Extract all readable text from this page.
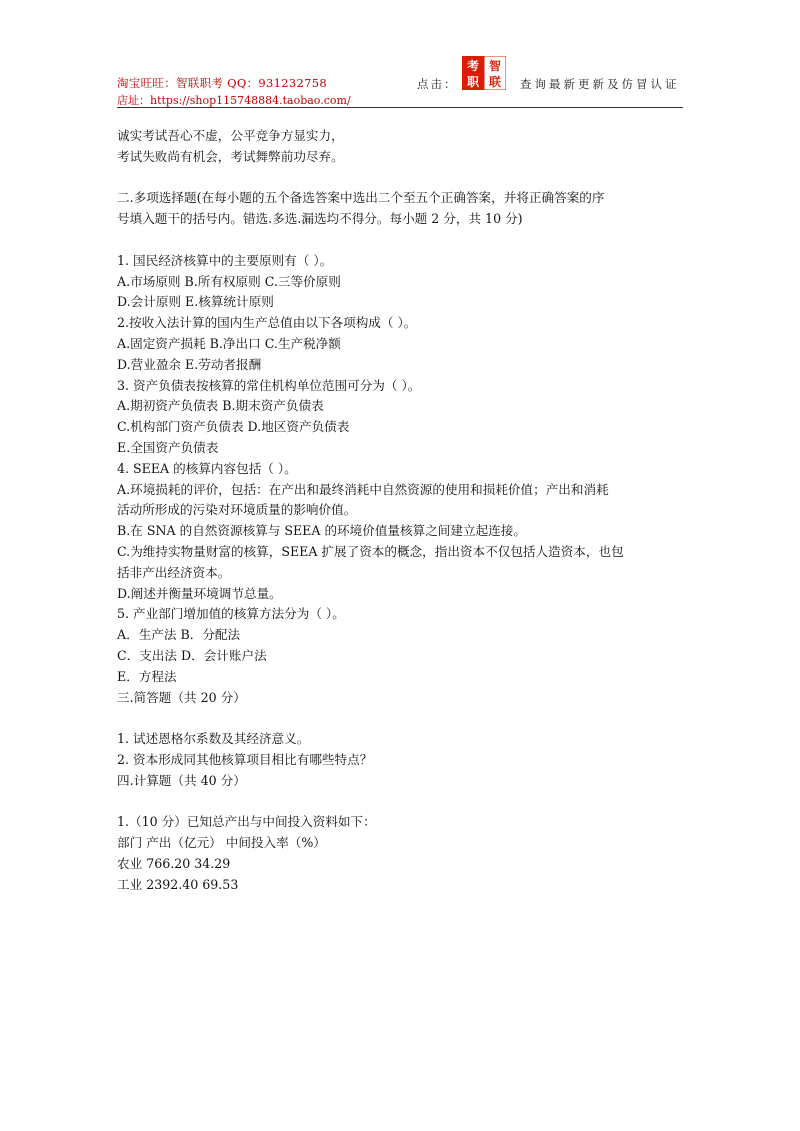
淘宝旺旺：智联职考 QQ：931232758
店址：https://shop115748884.taobao.com/
点击：
考 智
职 联 查询最新更新及仿冒认证
诚实考试吾心不虚，公平竞争方显实力，
考试失败尚有机会，考试舞弊前功尽弃。
二.多项选择题(在每小题的五个备选答案中选出二个至五个正确答案，并将正确答案的序
号填入题干的括号内。错选.多选.漏选均不得分。每小题 2 分，共 10 分)
1. 国民经济核算中的主要原则有（ ）。
A.市场原则 B.所有权原则 C.三等价原则
D.会计原则 E.核算统计原则
2.按收入法计算的国内生产总值由以下各项构成（ ）。
A.固定资产损耗 B.净出口 C.生产税净额
D.营业盈余 E.劳动者报酬
3. 资产负债表按核算的常住机构单位范围可分为（ ）。
A.期初资产负债表 B.期末资产负债表
C.机构部门资产负债表 D.地区资产负债表
E.全国资产负债表
4. SEEA 的核算内容包括（ ）。
A.环境损耗的评价，包括：在产出和最终消耗中自然资源的使用和损耗价值；产出和消耗
活动所形成的污染对环境质量的影响价值。
B.在 SNA 的自然资源核算与 SEEA 的环境价值量核算之间建立起连接。
C.为维持实物量财富的核算，SEEA 扩展了资本的概念，指出资本不仅包括人造资本，也包
括非产出经济资本。
D.阐述并衡量环境调节总量。
5. 产业部门增加值的核算方法分为（ ）。
A．生产法 B．分配法
C．支出法 D．会计账户法
E．方程法
三.简答题（共 20 分）
1. 试述恩格尔系数及其经济意义。
2. 资本形成同其他核算项目相比有哪些特点？
四.计算题（共 40 分）
1.（10 分）已知总产出与中间投入资料如下：
部门 产出（亿元） 中间投入率（%）
农业 766.20 34.29
工业 2392.40 69.53
